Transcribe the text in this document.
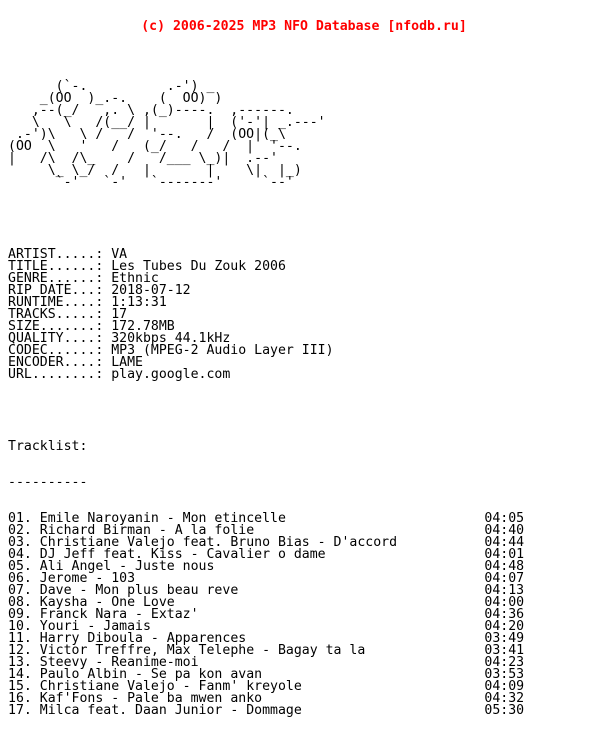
(c) 2006-2025 MP3 NFO Database [nfodb.ru]

(`-.          .-') _
_(OO  )_.-.    (  OO) )
,--(_/   ,. \ ,(_)----.  ,------.
\   \   /(__/ |       |  ('-'| _.---'
.-')\   \ /   /  '--.   /  (OO|(_\
(OO  \   '   /   (_/   /   /  |  '--.
|   /\  /\_    /   /___ \_)|  .--'
\_ \_/  /   |       |    \|  |_)
`-'   `-'   `-------'     `--'

ARTIST.....: VA
TITLE......: Les Tubes Du Zouk 2006
GENRE......: Ethnic
RIP DATE...: 2018-07-12
RUNTIME....: 1:13:31
TRACKS.....: 17
SIZE.......: 172.78MB
QUALITY....: 320kbps 44.1kHz
CODEC......: MP3 (MPEG-2 Audio Layer III)
ENCODER....: LAME
URL........: play.google.com

Tracklist:

----------

01. Emile Naroyanin - Mon etincelle	04:05
02. Richard Birman - A la folie	04:40
03. Christiane Valejo feat. Bruno Bias - D'accord	04:44
04. DJ Jeff feat. Kiss - Cavalier o dame	04:01
05. Ali Angel - Juste nous	04:48
06. Jerome - 103	04:07
07. Dave - Mon plus beau reve	04:13
08. Kaysha - One Love	04:00
09. Franck Nara - Extaz'	04:36
10. Youri - Jamais	04:20
11. Harry Diboula - Apparences	03:49
12. Victor Treffre, Max Telephe - Bagay ta la	03:41
13. Steevy - Reanime-moi	04:23
14. Paulo Albin - Se pa kon avan	03:53
15. Christiane Valejo - Fanm' kreyole	04:09
16. Kaf'Fons - Pale ba mwen anko	04:32
17. Milca feat. Daan Junior - Dommage	05:30
